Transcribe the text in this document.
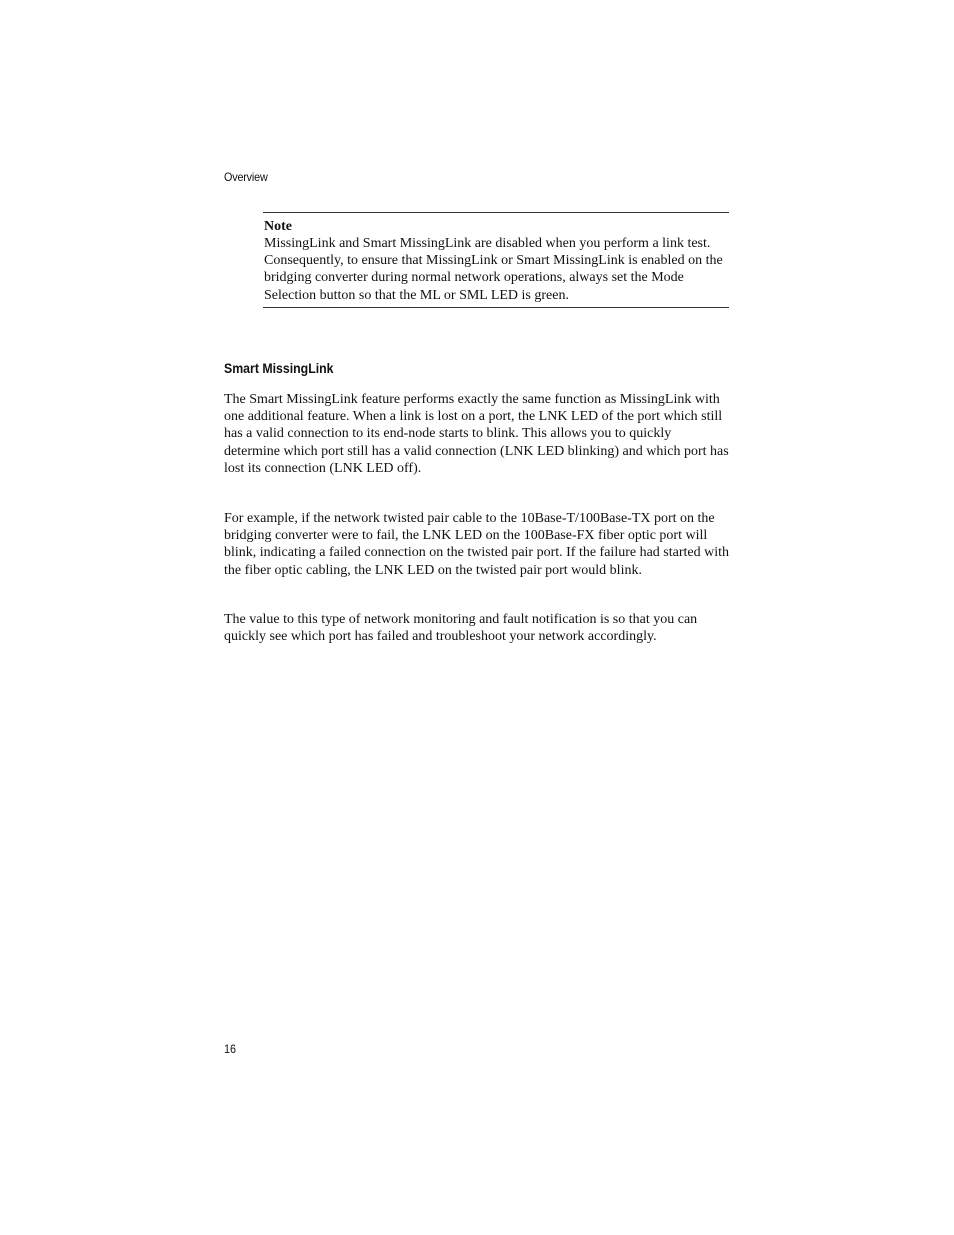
Overview
Note

MissingLink and Smart MissingLink are disabled when you perform a link test. Consequently, to ensure that MissingLink or Smart MissingLink is enabled on the bridging converter during normal network operations, always set the Mode Selection button so that the ML or SML LED is green.

Smart MissingLink

The Smart MissingLink feature performs exactly the same function as MissingLink with one additional feature. When a link is lost on a port, the LNK LED of the port which still has a valid connection to its end-node starts to blink. This allows you to quickly determine which port still has a valid connection (LNK LED blinking) and which port has lost its connection (LNK LED off).

For example, if the network twisted pair cable to the 10Base-T/100Base-TX port on the bridging converter were to fail, the LNK LED on the 100Base-FX fiber optic port will blink, indicating a failed connection on the twisted pair port. If the failure had started with the fiber optic cabling, the LNK LED on the twisted pair port would blink.

The value to this type of network monitoring and fault notification is so that you can quickly see which port has failed and troubleshoot your network accordingly.

16
